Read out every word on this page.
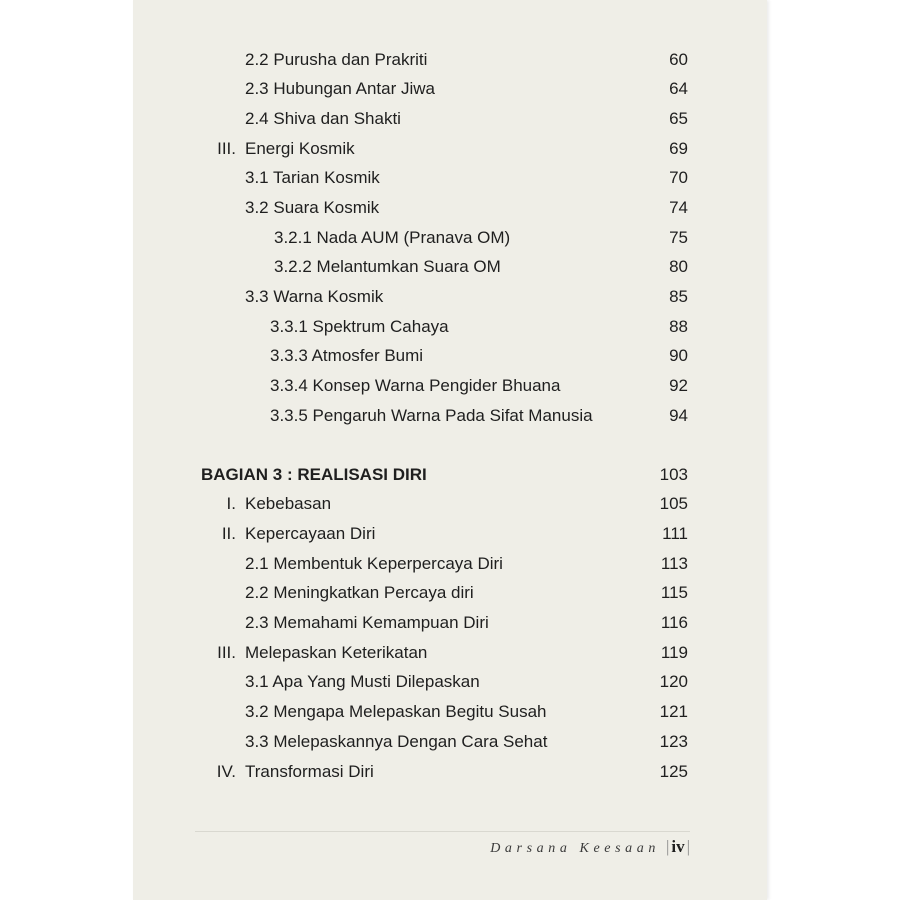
2.2 Purusha dan Prakriti	60
2.3 Hubungan Antar Jiwa	64
2.4 Shiva dan Shakti	65
III. Energi Kosmik	69
3.1 Tarian Kosmik	70
3.2 Suara Kosmik	74
3.2.1 Nada AUM (Pranava OM)	75
3.2.2 Melantumkan Suara OM	80
3.3 Warna Kosmik	85
3.3.1 Spektrum Cahaya	88
3.3.3 Atmosfer Bumi	90
3.3.4 Konsep Warna Pengider Bhuana	92
3.3.5 Pengaruh Warna Pada Sifat Manusia	94
BAGIAN 3 : REALISASI DIRI	103
I. Kebebasan	105
II. Kepercayaan Diri	111
2.1 Membentuk Keperpercaya Diri	113
2.2 Meningkatkan Percaya diri	115
2.3 Memahami Kemampuan Diri	116
III. Melepaskan Keterikatan	119
3.1 Apa Yang Musti Dilepaskan	120
3.2 Mengapa Melepaskan Begitu Susah	121
3.3 Melepaskannya Dengan Cara Sehat	123
IV. Transformasi Diri	125
Darsana Keesaan | iv |
